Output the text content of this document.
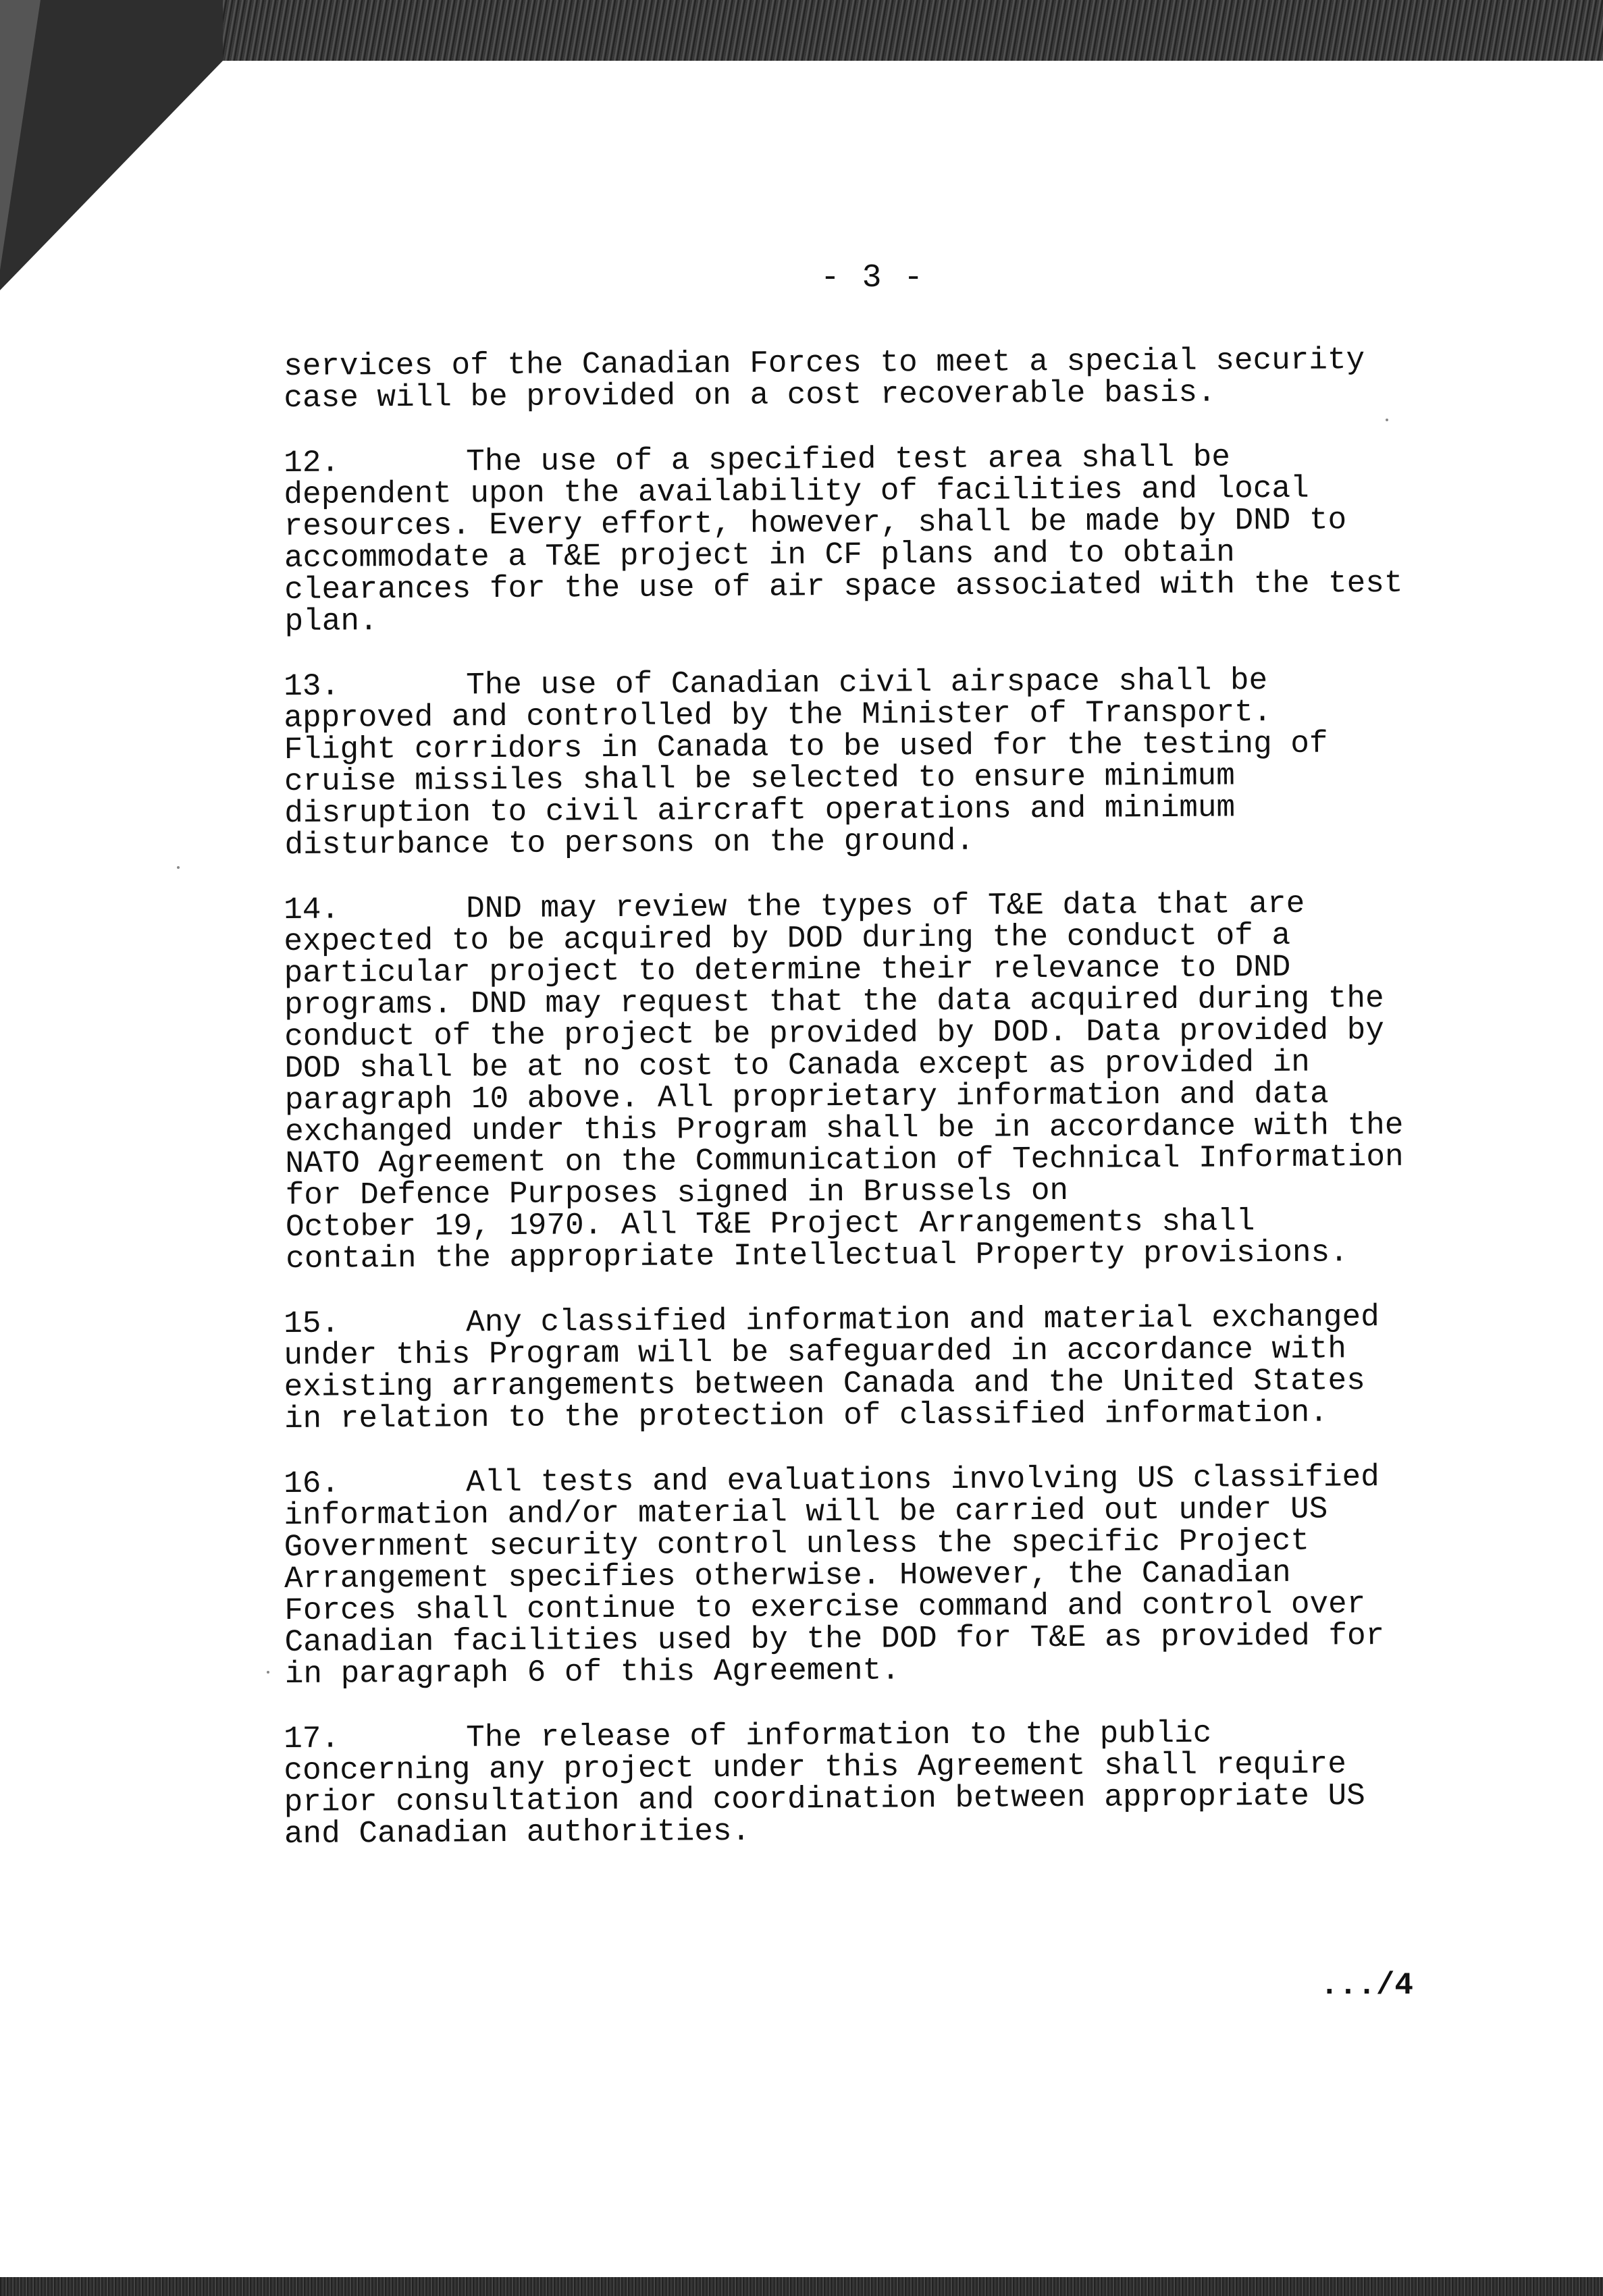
- 3 -

services of the Canadian Forces to meet a special security
case will be provided on a cost recoverable basis.

12.	The use of a specified test area shall be
dependent upon the availability of facilities and local
resources. Every effort, however, shall be made by DND to
accommodate a T&E project in CF plans and to obtain
clearances for the use of air space associated with the test
plan.

13.	The use of Canadian civil airspace shall be
approved and controlled by the Minister of Transport.
Flight corridors in Canada to be used for the testing of
cruise missiles shall be selected to ensure minimum
disruption to civil aircraft operations and minimum
disturbance to persons on the ground.

14.	DND may review the types of T&E data that are
expected to be acquired by DOD during the conduct of a
particular project to determine their relevance to DND
programs. DND may request that the data acquired during the
conduct of the project be provided by DOD. Data provided by
DOD shall be at no cost to Canada except as provided in
paragraph 10 above. All proprietary information and data
exchanged under this Program shall be in accordance with the
NATO Agreement on the Communication of Technical Information
for Defence Purposes signed in Brussels on
October 19, 1970. All T&E Project Arrangements shall
contain the appropriate Intellectual Property provisions.

15.	Any classified information and material exchanged
under this Program will be safeguarded in accordance with
existing arrangements between Canada and the United States
in relation to the protection of classified information.

16.	All tests and evaluations involving US classified
information and/or material will be carried out under US
Government security control unless the specific Project
Arrangement specifies otherwise. However, the Canadian
Forces shall continue to exercise command and control over
Canadian facilities used by the DOD for T&E as provided for
in paragraph 6 of this Agreement.

17.	The release of information to the public
concerning any project under this Agreement shall require
prior consultation and coordination between appropriate US
and Canadian authorities.

.../4
